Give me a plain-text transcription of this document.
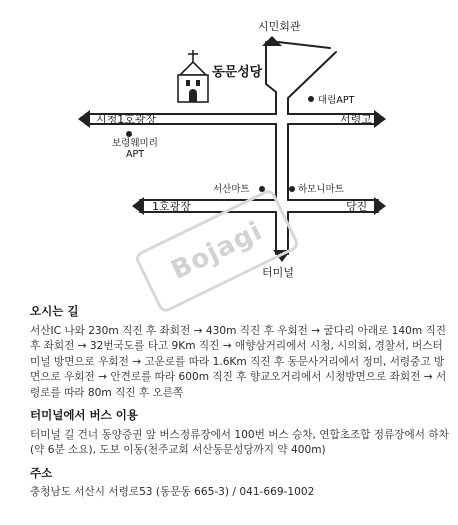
동문성당
시민회관
대림APT
서령고
시청1호광장
보령웨미리
APT
서산마트	하모니마트
1호광장	당진
터미널
Bojagi
오시는 길

서산IC 나와 230m 직진 후 좌회전 → 430m 직진 후 우회전 → 굴다리 아래로 140m 직진 후 좌회전 → 32번국도를 타고 9Km 직진 → 애향삼거리에서 시청, 시의회, 경찰서, 버스터미널 방면으로 우회전 → 고운로를 따라 1.6Km 직진 후 동문사거리에서 정미, 서령중고 방면으로 우회전 → 안견로를 따라 600m 직진 후 향교오거리에서 시청방면으로 좌회전 → 서령로를 따라 80m 직진 후 오른쪽

터미널에서 버스 이용

터미널 길 건너 동양증권 앞 버스정류장에서 100번 버스 승차, 연합초조합 정류장에서 하차(약 6분 소요), 도보 이동(천주교회 서산동문성당까지 약 400m)

주소

충청남도 서산시 서령로53 (동문동 665-3) / 041-669-1002
